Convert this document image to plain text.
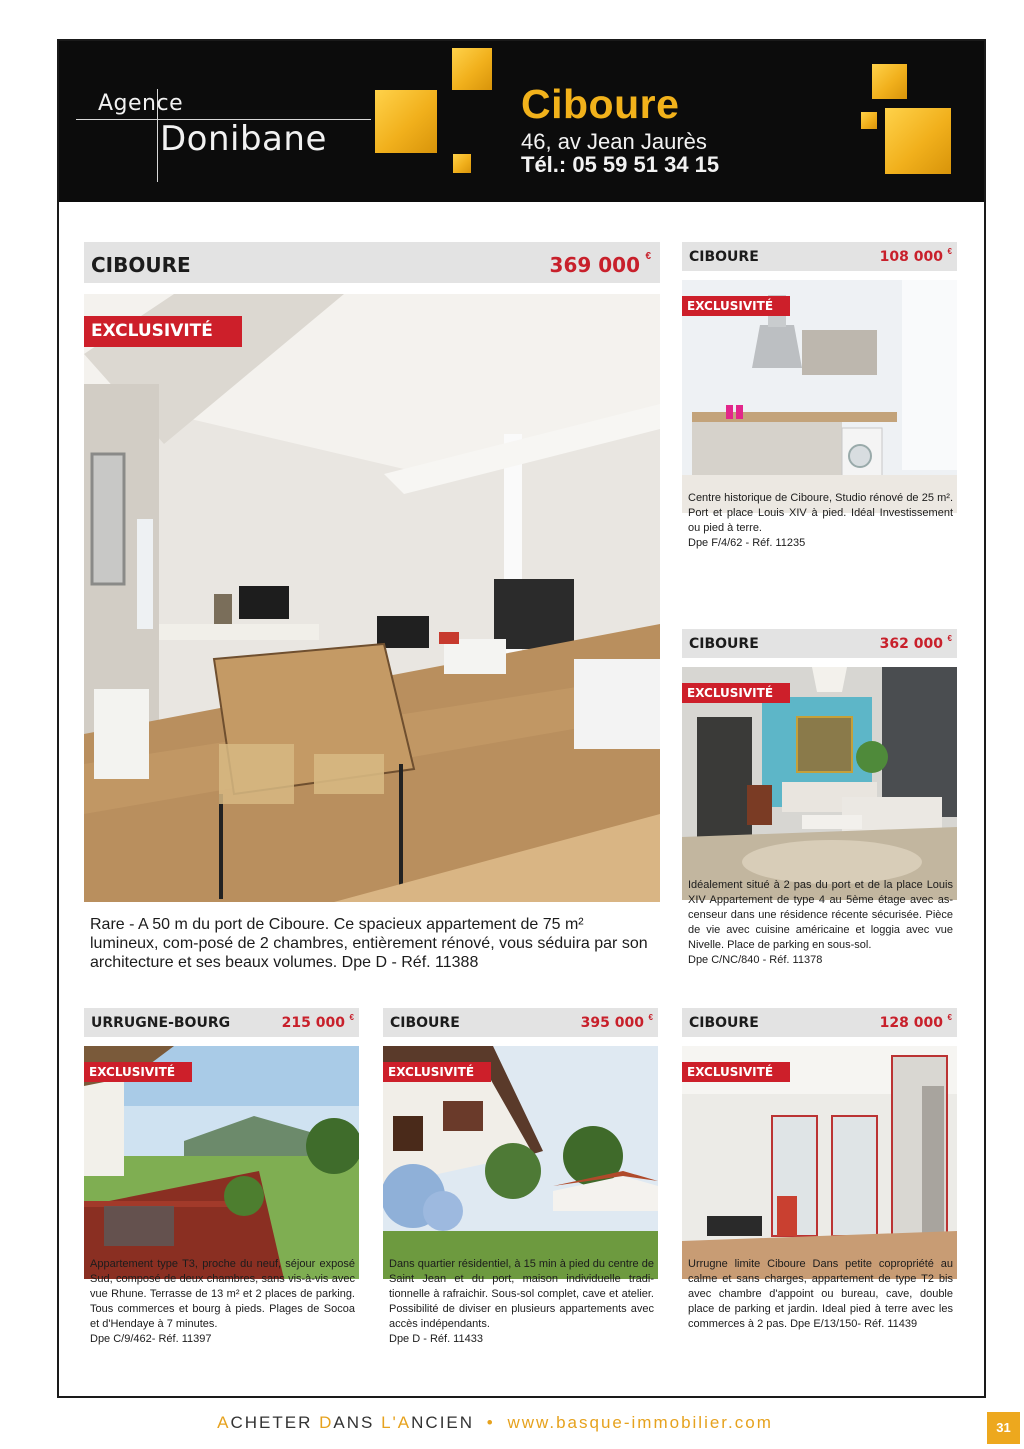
Agence
Donibane
Ciboure
46, av Jean Jaurès
Tél.: 05 59 51 34 15
CIBOURE	369 000 €
EXCLUSIVITÉ
Rare - A 50 m du port de Ciboure. Ce spacieux appartement de 75 m² lumineux, com-posé de 2 chambres, entièrement rénové, vous séduira par son architecture et ses beaux volumes. Dpe D - Réf. 11388
CIBOURE	108 000 €
EXCLUSIVITÉ
Centre historique de Ciboure, Studio rénové de 25 m². Port et place Louis XIV à pied. Idéal Investissement ou pied à terre.
Dpe F/4/62 - Réf. 11235
CIBOURE	362 000 €
EXCLUSIVITÉ
Idéalement situé à 2 pas du port et de la place Louis XIV Appartement de type 4 au 5ème étage avec as-censeur dans une résidence récente sécurisée. Pièce de vie avec cuisine américaine et loggia avec vue Nivelle. Place de parking en sous-sol.
Dpe C/NC/840 - Réf. 11378
URRUGNE-BOURG	215 000 €
EXCLUSIVITÉ
Appartement type T3, proche du neuf, séjour exposé Sud, composé de deux chambres, sans vis-à-vis avec vue Rhune. Terrasse de 13 m² et 2 places de parking. Tous commerces et bourg à pieds. Plages de Socoa et d'Hendaye à 7 minutes.
Dpe C/9/462- Réf. 11397
CIBOURE	395 000 €
EXCLUSIVITÉ
Dans quartier résidentiel, à 15 min à pied du centre de Saint Jean et du port, maison individuelle tradi-tionnelle à rafraichir. Sous-sol complet, cave et atelier. Possibilité de diviser en plusieurs appartements avec accès indépendants.
Dpe D - Réf. 11433
CIBOURE	128 000 €
EXCLUSIVITÉ
Urrugne limite Ciboure Dans petite copropriété au calme et sans charges, appartement de type T2 bis avec chambre d'appoint ou bureau, cave, double place de parking et jardin. Ideal pied à terre avec les commerces à 2 pas. Dpe E/13/150- Réf. 11439
ACHETER DANS L'ANCIEN • www.basque-immobilier.com	31
